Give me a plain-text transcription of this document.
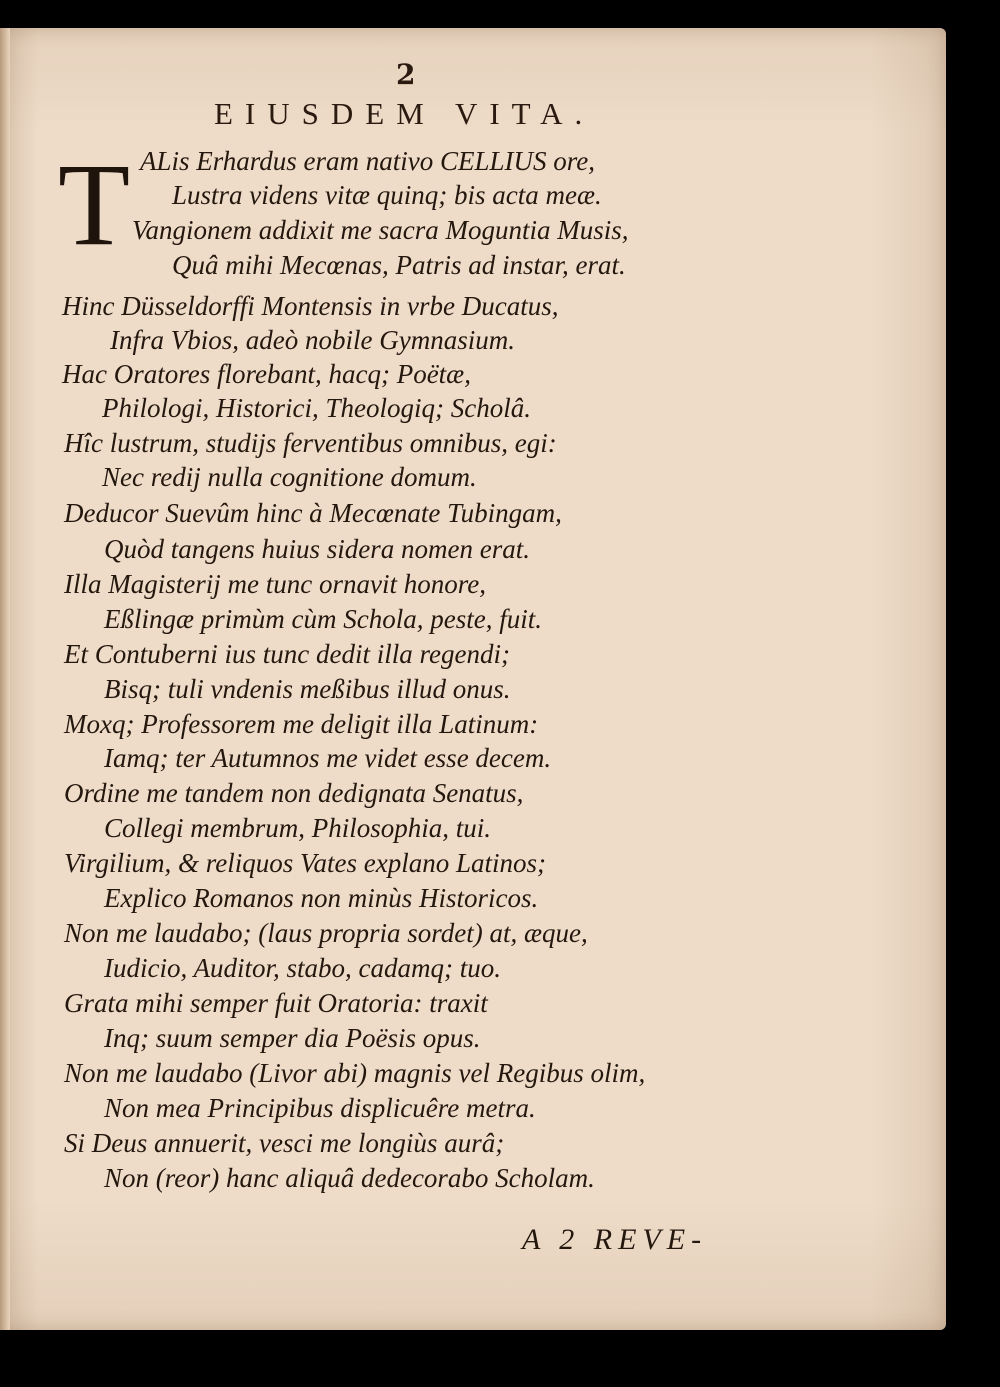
2
EIUSDEM VITA.
T ALis Erhardus eram nativo CELLIUS ore,
Lustra videns vitæ quinq; bis acta meæ.
Vangionem addixit me sacra Moguntia Musis,
Quâ mihi Mecœnas, Patris ad instar, erat.
Hinc Düsseldorffi Montensis in vrbe Ducatus,
Infra Vbios, adeò nobile Gymnasium.
Hac Oratores florebant, hacq; Poëtæ,
Philologi, Historici, Theologiq; Scholâ.
Hîc lustrum, studijs ferventibus omnibus, egi:
Nec redij nulla cognitione domum.
Deducor Suevûm hinc à Mecœnate Tubingam,
Quòd tangens huius sidera nomen erat.
Illa Magisterij me tunc ornavit honore,
Eßlingæ primùm cùm Schola, peste, fuit.
Et Contuberni ius tunc dedit illa regendi;
Bisq; tuli vndenis meßibus illud onus.
Moxq; Professorem me deligit illa Latinum:
Iamq; ter Autumnos me videt esse decem.
Ordine me tandem non dedignata Senatus,
Collegi membrum, Philosophia, tui.
Virgilium, & reliquos Vates explano Latinos;
Explico Romanos non minùs Historicos.
Non me laudabo; (laus propria sordet) at, æque,
Iudicio, Auditor, stabo, cadamq; tuo.
Grata mihi semper fuit Oratoria: traxit
Inq; suum semper dia Poësis opus.
Non me laudabo (Livor abi) magnis vel Regibus olim,
Non mea Principibus displicuêre metra.
Si Deus annuerit, vesci me longiùs aurâ;
Non (reor) hanc aliquâ dedecorabo Scholam.
A 2 REVE-
